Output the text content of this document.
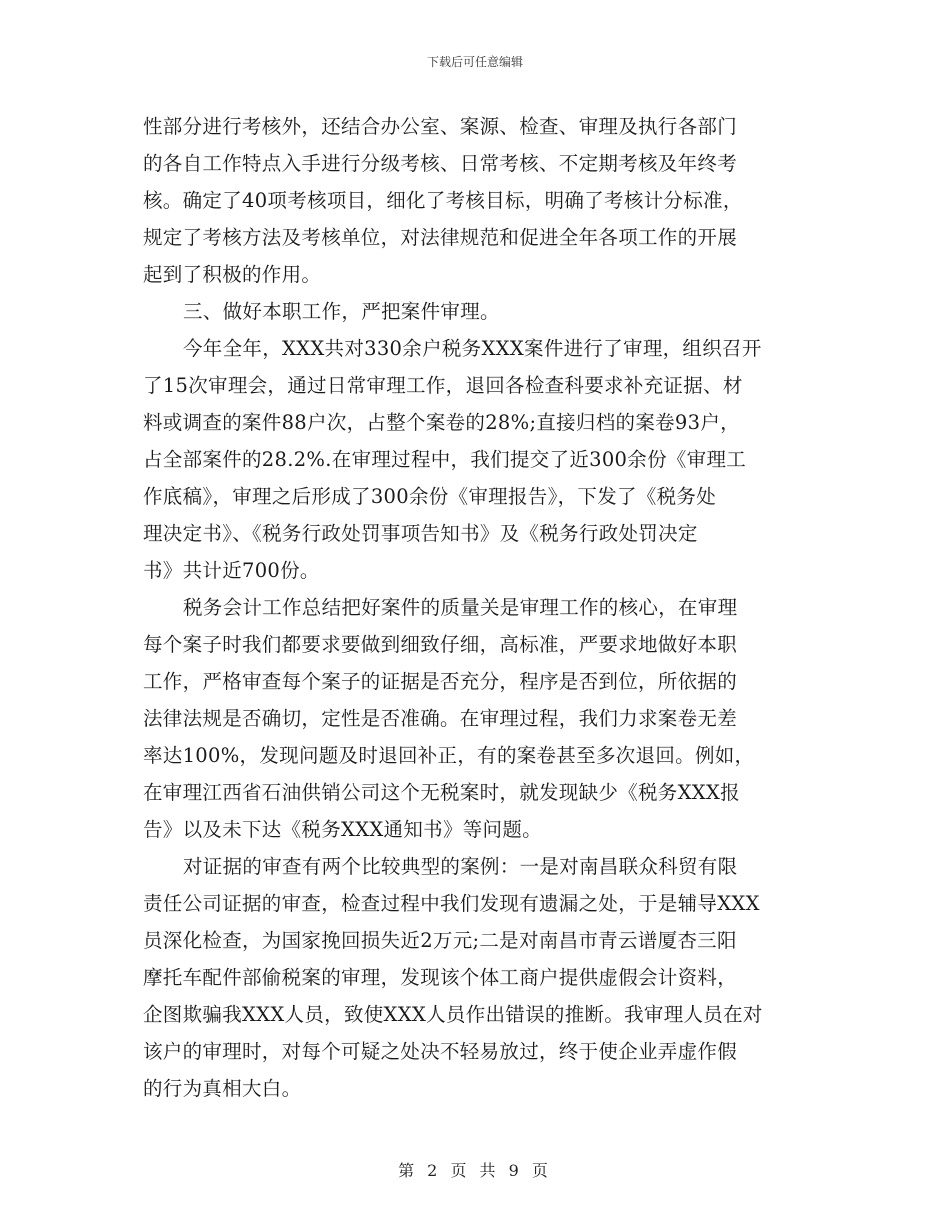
下载后可任意编辑
性部分进行考核外，还结合办公室、案源、检查、审理及执行各部门
的各自工作特点入手进行分级考核、日常考核、不定期考核及年终考
核。确定了40项考核项目，细化了考核目标，明确了考核计分标准，
规定了考核方法及考核单位，对法律规范和促进全年各项工作的开展
起到了积极的作用。
三、做好本职工作，严把案件审理。
今年全年，XXX共对330余户税务XXX案件进行了审理，组织召开
了15次审理会，通过日常审理工作，退回各检查科要求补充证据、材
料或调查的案件88户次，占整个案卷的28%;直接归档的案卷93户，
占全部案件的28.2%.在审理过程中，我们提交了近300余份《审理工
作底稿》，审理之后形成了300余份《审理报告》，下发了《税务处
理决定书》、《税务行政处罚事项告知书》及《税务行政处罚决定
书》共计近700份。
税务会计工作总结把好案件的质量关是审理工作的核心，在审理
每个案子时我们都要求要做到细致仔细，高标准，严要求地做好本职
工作，严格审查每个案子的证据是否充分，程序是否到位，所依据的
法律法规是否确切，定性是否准确。在审理过程，我们力求案卷无差
率达100%，发现问题及时退回补正，有的案卷甚至多次退回。例如，
在审理江西省石油供销公司这个无税案时，就发现缺少《税务XXX报
告》以及未下达《税务XXX通知书》等问题。
对证据的审查有两个比较典型的案例：一是对南昌联众科贸有限
责任公司证据的审查，检查过程中我们发现有遗漏之处，于是辅导XXX
员深化检查，为国家挽回损失近2万元;二是对南昌市青云谱厦杏三阳
摩托车配件部偷税案的审理，发现该个体工商户提供虚假会计资料，
企图欺骗我XXX人员，致使XXX人员作出错误的推断。我审理人员在对
该户的审理时，对每个可疑之处决不轻易放过，终于使企业弄虚作假
的行为真相大白。
第 2 页 共 9 页
